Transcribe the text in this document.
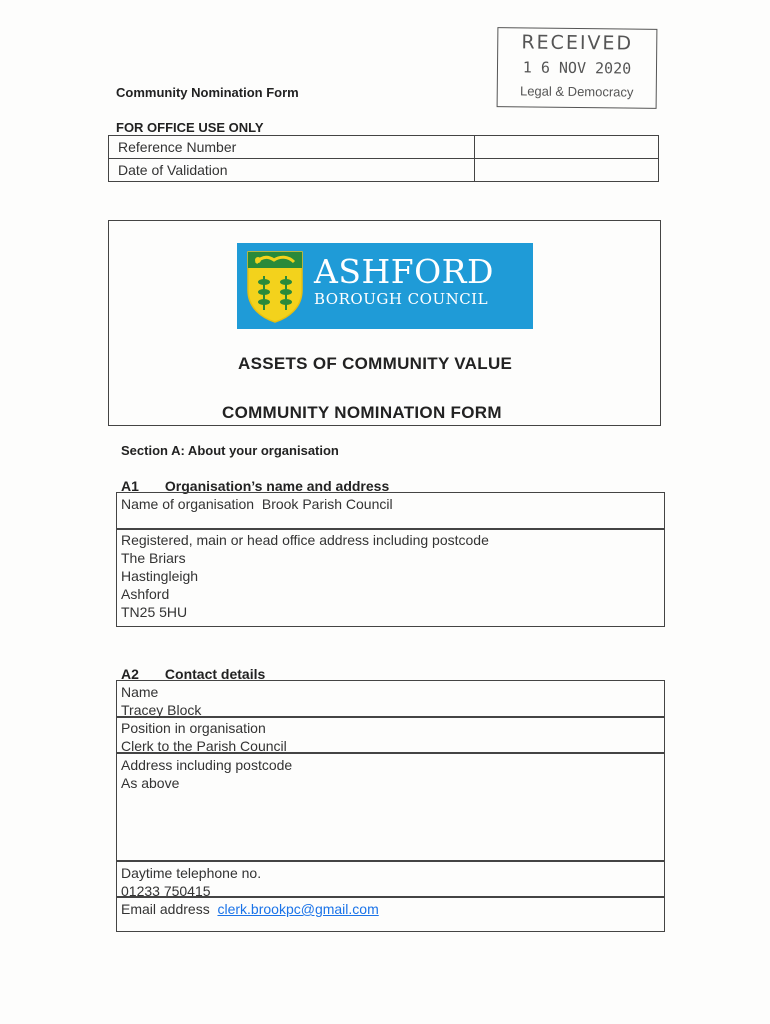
RECEIVED
1 6 NOV 2020
Legal & Democracy
Community Nomination Form
FOR OFFICE USE ONLY
Reference Number	
Date of Validation	
ASHFORD
BOROUGH COUNCIL
ASSETS OF COMMUNITY VALUE
COMMUNITY NOMINATION FORM
Section A: About your organisation
A1 Organisation’s name and address
Name of organisation Brook Parish Council
Registered, main or head office address including postcode
The Briars
Hastingleigh
Ashford
TN25 5HU
A2 Contact details
Name
Tracey Block
Position in organisation
Clerk to the Parish Council
Address including postcode
As above
Daytime telephone no.
01233 750415
Email address clerk.brookpc@gmail.com
